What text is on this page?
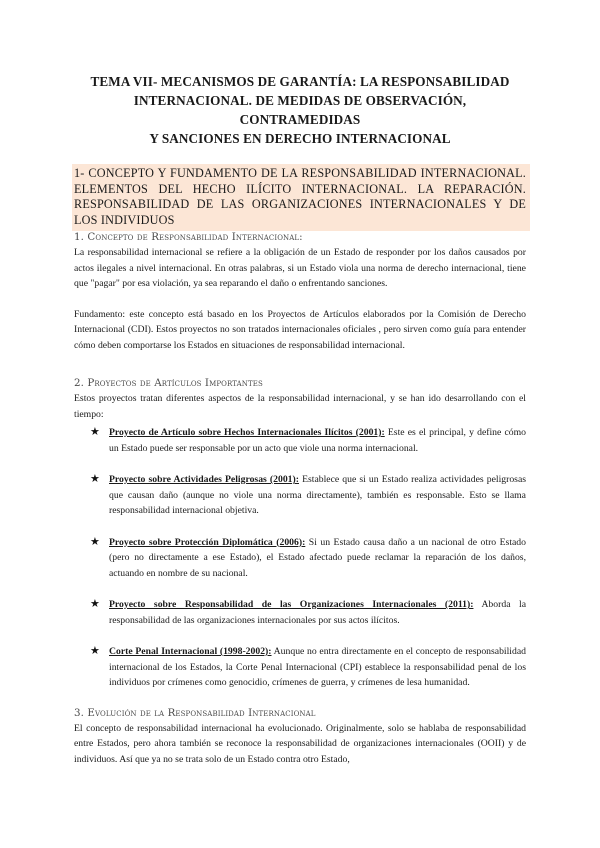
TEMA VII- MECANISMOS DE GARANTÍA: LA RESPONSABILIDAD
INTERNACIONAL. DE MEDIDAS DE OBSERVACIÓN, CONTRAMEDIDAS
Y SANCIONES EN DERECHO INTERNACIONAL
1- CONCEPTO Y FUNDAMENTO DE LA RESPONSABILIDAD INTERNACIONAL. ELEMENTOS DEL HECHO ILÍCITO INTERNACIONAL. LA REPARACIÓN. RESPONSABILIDAD DE LAS ORGANIZACIONES INTERNACIONALES Y DE LOS INDIVIDUOS
1. Concepto de Responsabilidad Internacional:

La responsabilidad internacional se refiere a la obligación de un Estado de responder por los daños causados por actos ilegales a nivel internacional. En otras palabras, si un Estado viola una norma de derecho internacional, tiene que "pagar" por esa violación, ya sea reparando el daño o enfrentando sanciones.

Fundamento: este concepto está basado en los Proyectos de Artículos elaborados por la Comisión de Derecho Internacional (CDI). Estos proyectos no son tratados internacionales oficiales , pero sirven como guía para entender cómo deben comportarse los Estados en situaciones de responsabilidad internacional.

2. Proyectos de Artículos Importantes

Estos proyectos tratan diferentes aspectos de la responsabilidad internacional, y se han ido desarrollando con el tiempo:

★ Proyecto de Artículo sobre Hechos Internacionales Ilícitos (2001): Este es el principal, y define cómo un Estado puede ser responsable por un acto que viole una norma internacional.
★ Proyecto sobre Actividades Peligrosas (2001): Establece que si un Estado realiza actividades peligrosas que causan daño (aunque no viole una norma directamente), también es responsable. Esto se llama responsabilidad internacional objetiva.
★ Proyecto sobre Protección Diplomática (2006): Si un Estado causa daño a un nacional de otro Estado (pero no directamente a ese Estado), el Estado afectado puede reclamar la reparación de los daños, actuando en nombre de su nacional.
★ Proyecto sobre Responsabilidad de las Organizaciones Internacionales (2011): Aborda la responsabilidad de las organizaciones internacionales por sus actos ilícitos.
★ Corte Penal Internacional (1998-2002): Aunque no entra directamente en el concepto de responsabilidad internacional de los Estados, la Corte Penal Internacional (CPI) establece la responsabilidad penal de los individuos por crímenes como genocidio, crímenes de guerra, y crímenes de lesa humanidad.
3. Evolución de la Responsabilidad Internacional

El concepto de responsabilidad internacional ha evolucionado. Originalmente, solo se hablaba de responsabilidad entre Estados, pero ahora también se reconoce la responsabilidad de organizaciones internacionales (OOII) y de individuos. Así que ya no se trata solo de un Estado contra otro Estado,
